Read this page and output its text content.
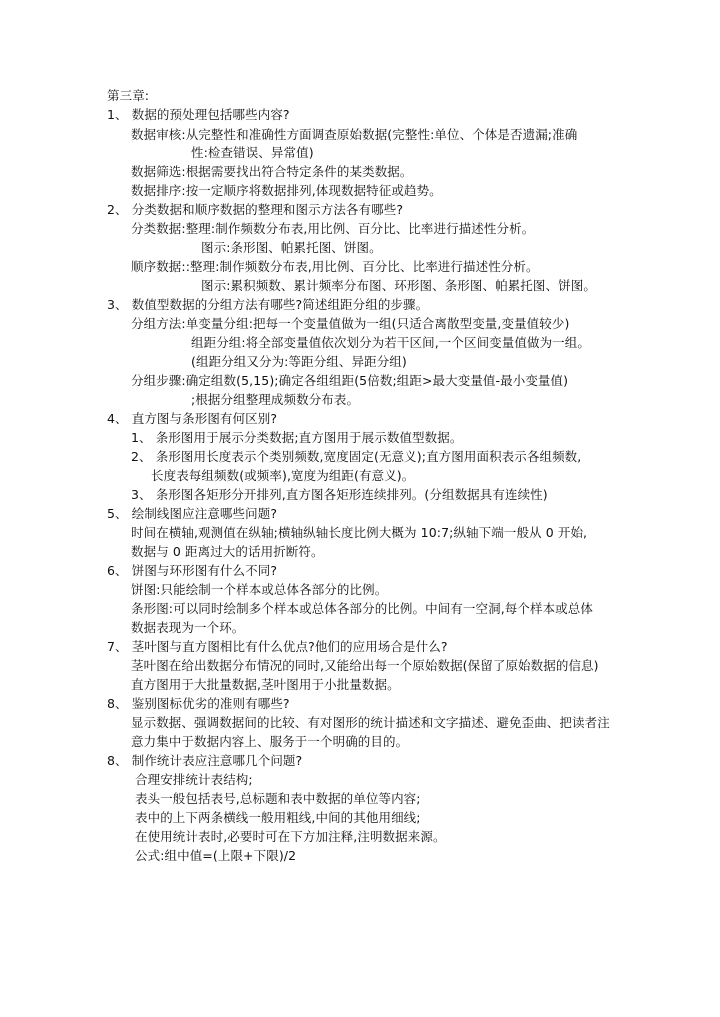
第三章:
1、 数据的预处理包括哪些内容?
数据审核:从完整性和准确性方面调查原始数据(完整性:单位、个体是否遗漏;准确
性:检查错误、异常值)
数据筛选:根据需要找出符合特定条件的某类数据。
数据排序:按一定顺序将数据排列,体现数据特征或趋势。
2、 分类数据和顺序数据的整理和图示方法各有哪些?
分类数据:整理:制作频数分布表,用比例、百分比、比率进行描述性分析。
图示:条形图、帕累托图、饼图。
顺序数据::整理:制作频数分布表,用比例、百分比、比率进行描述性分析。
图示:累积频数、累计频率分布图、环形图、条形图、帕累托图、饼图。
3、 数值型数据的分组方法有哪些?简述组距分组的步骤。
分组方法:单变量分组:把每一个变量值做为一组(只适合离散型变量,变量值较少)
组距分组:将全部变量值依次划分为若干区间,一个区间变量值做为一组。
(组距分组又分为:等距分组、异距分组)
分组步骤:确定组数(5,15);确定各组组距(5倍数;组距>最大变量值-最小变量值)
;根据分组整理成频数分布表。
4、 直方图与条形图有何区别?
1、 条形图用于展示分类数据;直方图用于展示数值型数据。
2、 条形图用长度表示个类别频数,宽度固定(无意义);直方图用面积表示各组频数,
长度表每组频数(或频率),宽度为组距(有意义)。
3、 条形图各矩形分开排列,直方图各矩形连续排列。(分组数据具有连续性)
5、 绘制线图应注意哪些问题?
时间在横轴,观测值在纵轴;横轴纵轴长度比例大概为 10:7;纵轴下端一般从 0 开始,
数据与 0 距离过大的话用折断符。
6、 饼图与环形图有什么不同?
饼图:只能绘制一个样本或总体各部分的比例。
条形图:可以同时绘制多个样本或总体各部分的比例。中间有一空洞,每个样本或总体
数据表现为一个环。
7、 茎叶图与直方图相比有什么优点?他们的应用场合是什么?
茎叶图在给出数据分布情况的同时,又能给出每一个原始数据(保留了原始数据的信息)
直方图用于大批量数据,茎叶图用于小批量数据。
8、 鉴别图标优劣的准则有哪些?
显示数据、强调数据间的比较、有对图形的统计描述和文字描述、避免歪曲、把读者注
意力集中于数据内容上、服务于一个明确的目的。
8、 制作统计表应注意哪几个问题?
合理安排统计表结构;
表头一般包括表号,总标题和表中数据的单位等内容;
表中的上下两条横线一般用粗线,中间的其他用细线;
在使用统计表时,必要时可在下方加注释,注明数据来源。
公式:组中值=(上限+下限)/2
